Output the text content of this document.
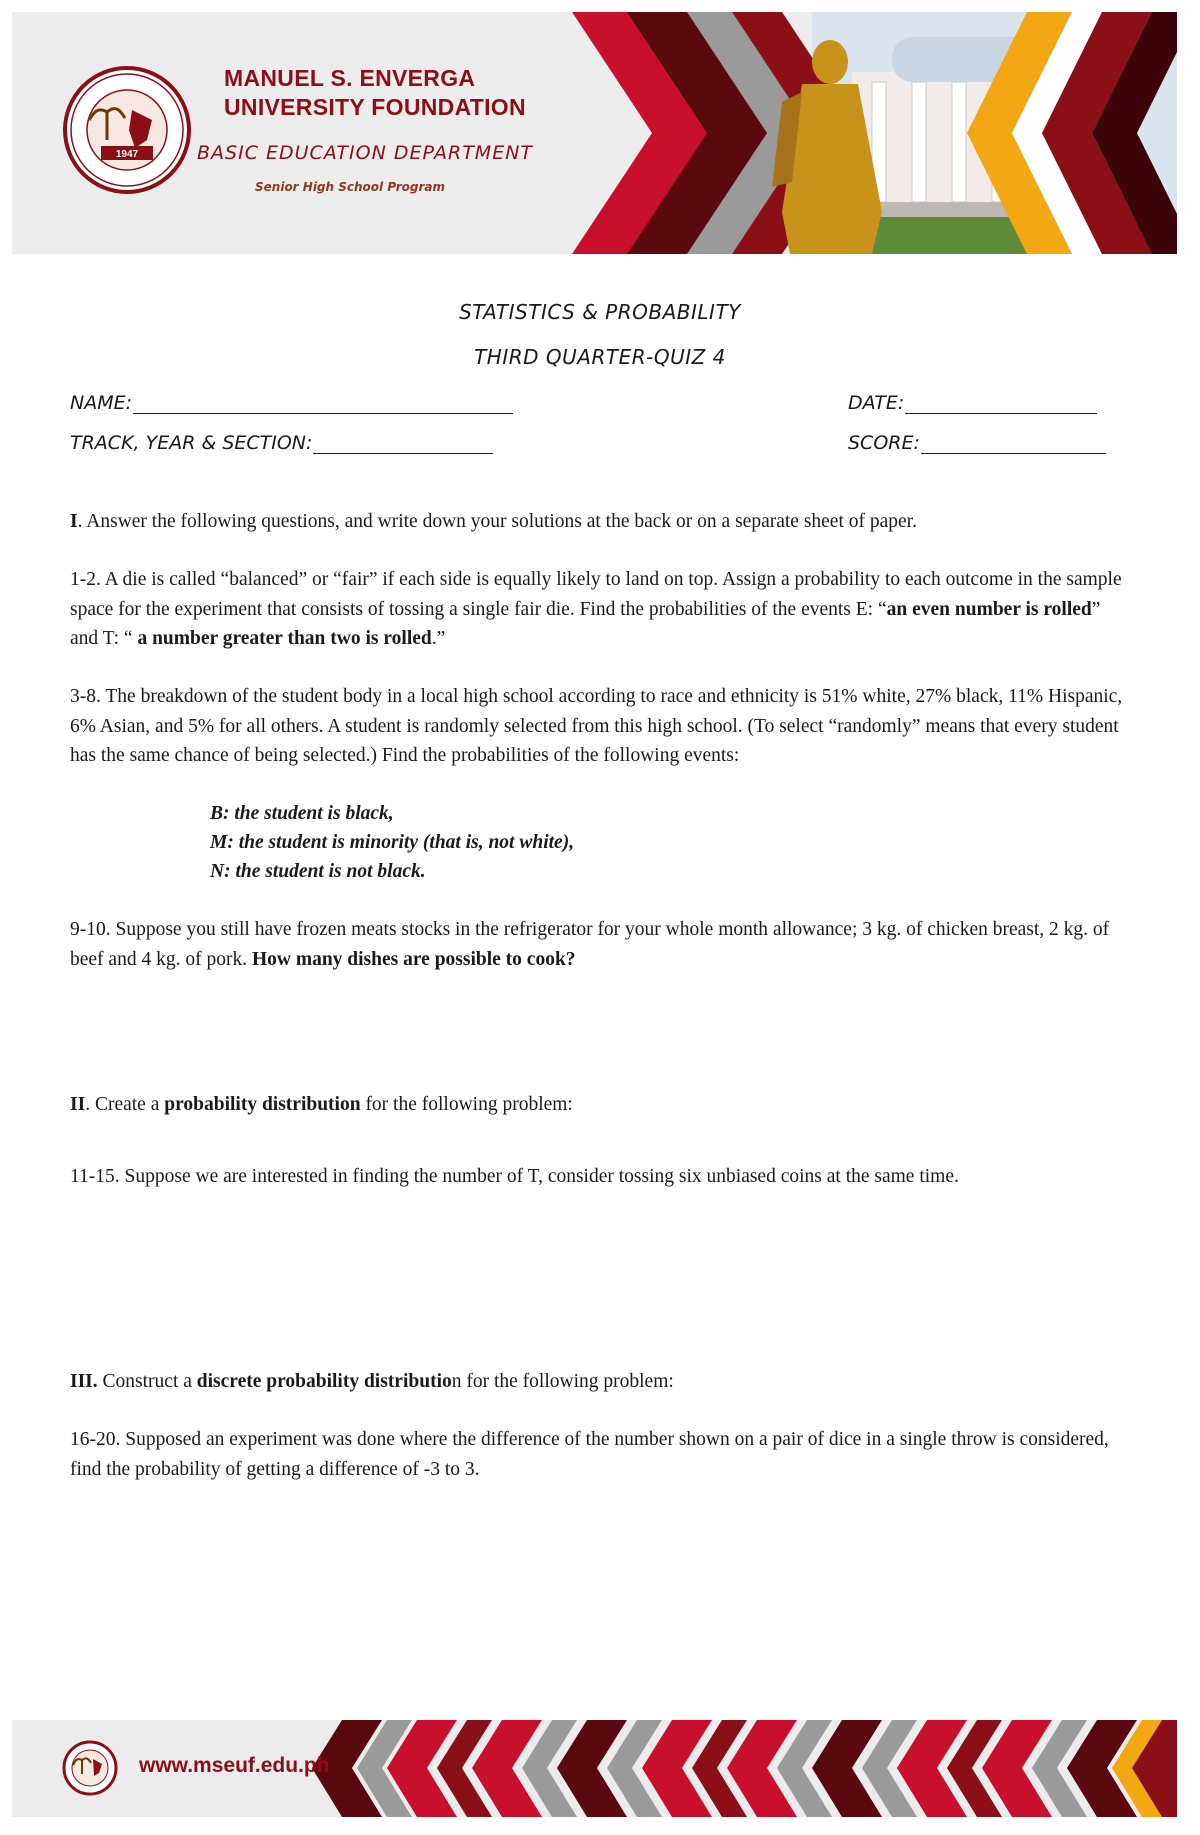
1947
MANUEL S. ENVERGA
UNIVERSITY FOUNDATION
BASIC EDUCATION DEPARTMENT
Senior High School Program
STATISTICS & PROBABILITY
THIRD QUARTER-QUIZ 4
NAME:	DATE:
TRACK, YEAR & SECTION:	SCORE:
I. Answer the following questions, and write down your solutions at the back or on a separate sheet of paper.
1-2. A die is called “balanced” or “fair” if each side is equally likely to land on top. Assign a probability to each outcome in the sample space for the experiment that consists of tossing a single fair die. Find the probabilities of the events E: “an even number is rolled” and T: “ a number greater than two is rolled.”
3-8. The breakdown of the student body in a local high school according to race and ethnicity is 51% white, 27% black, 11% Hispanic, 6% Asian, and 5% for all others. A student is randomly selected from this high school. (To select “randomly” means that every student has the same chance of being selected.) Find the probabilities of the following events:
B: the student is black,
M: the student is minority (that is, not white),
N: the student is not black.
9-10. Suppose you still have frozen meats stocks in the refrigerator for your whole month allowance; 3 kg. of chicken breast, 2 kg. of beef and 4 kg. of pork. How many dishes are possible to cook?
II. Create a probability distribution for the following problem:
11-15. Suppose we are interested in finding the number of T, consider tossing six unbiased coins at the same time.
III. Construct a discrete probability distribution for the following problem:
16-20. Supposed an experiment was done where the difference of the number shown on a pair of dice in a single throw is considered, find the probability of getting a difference of -3 to 3.
www.mseuf.edu.ph
